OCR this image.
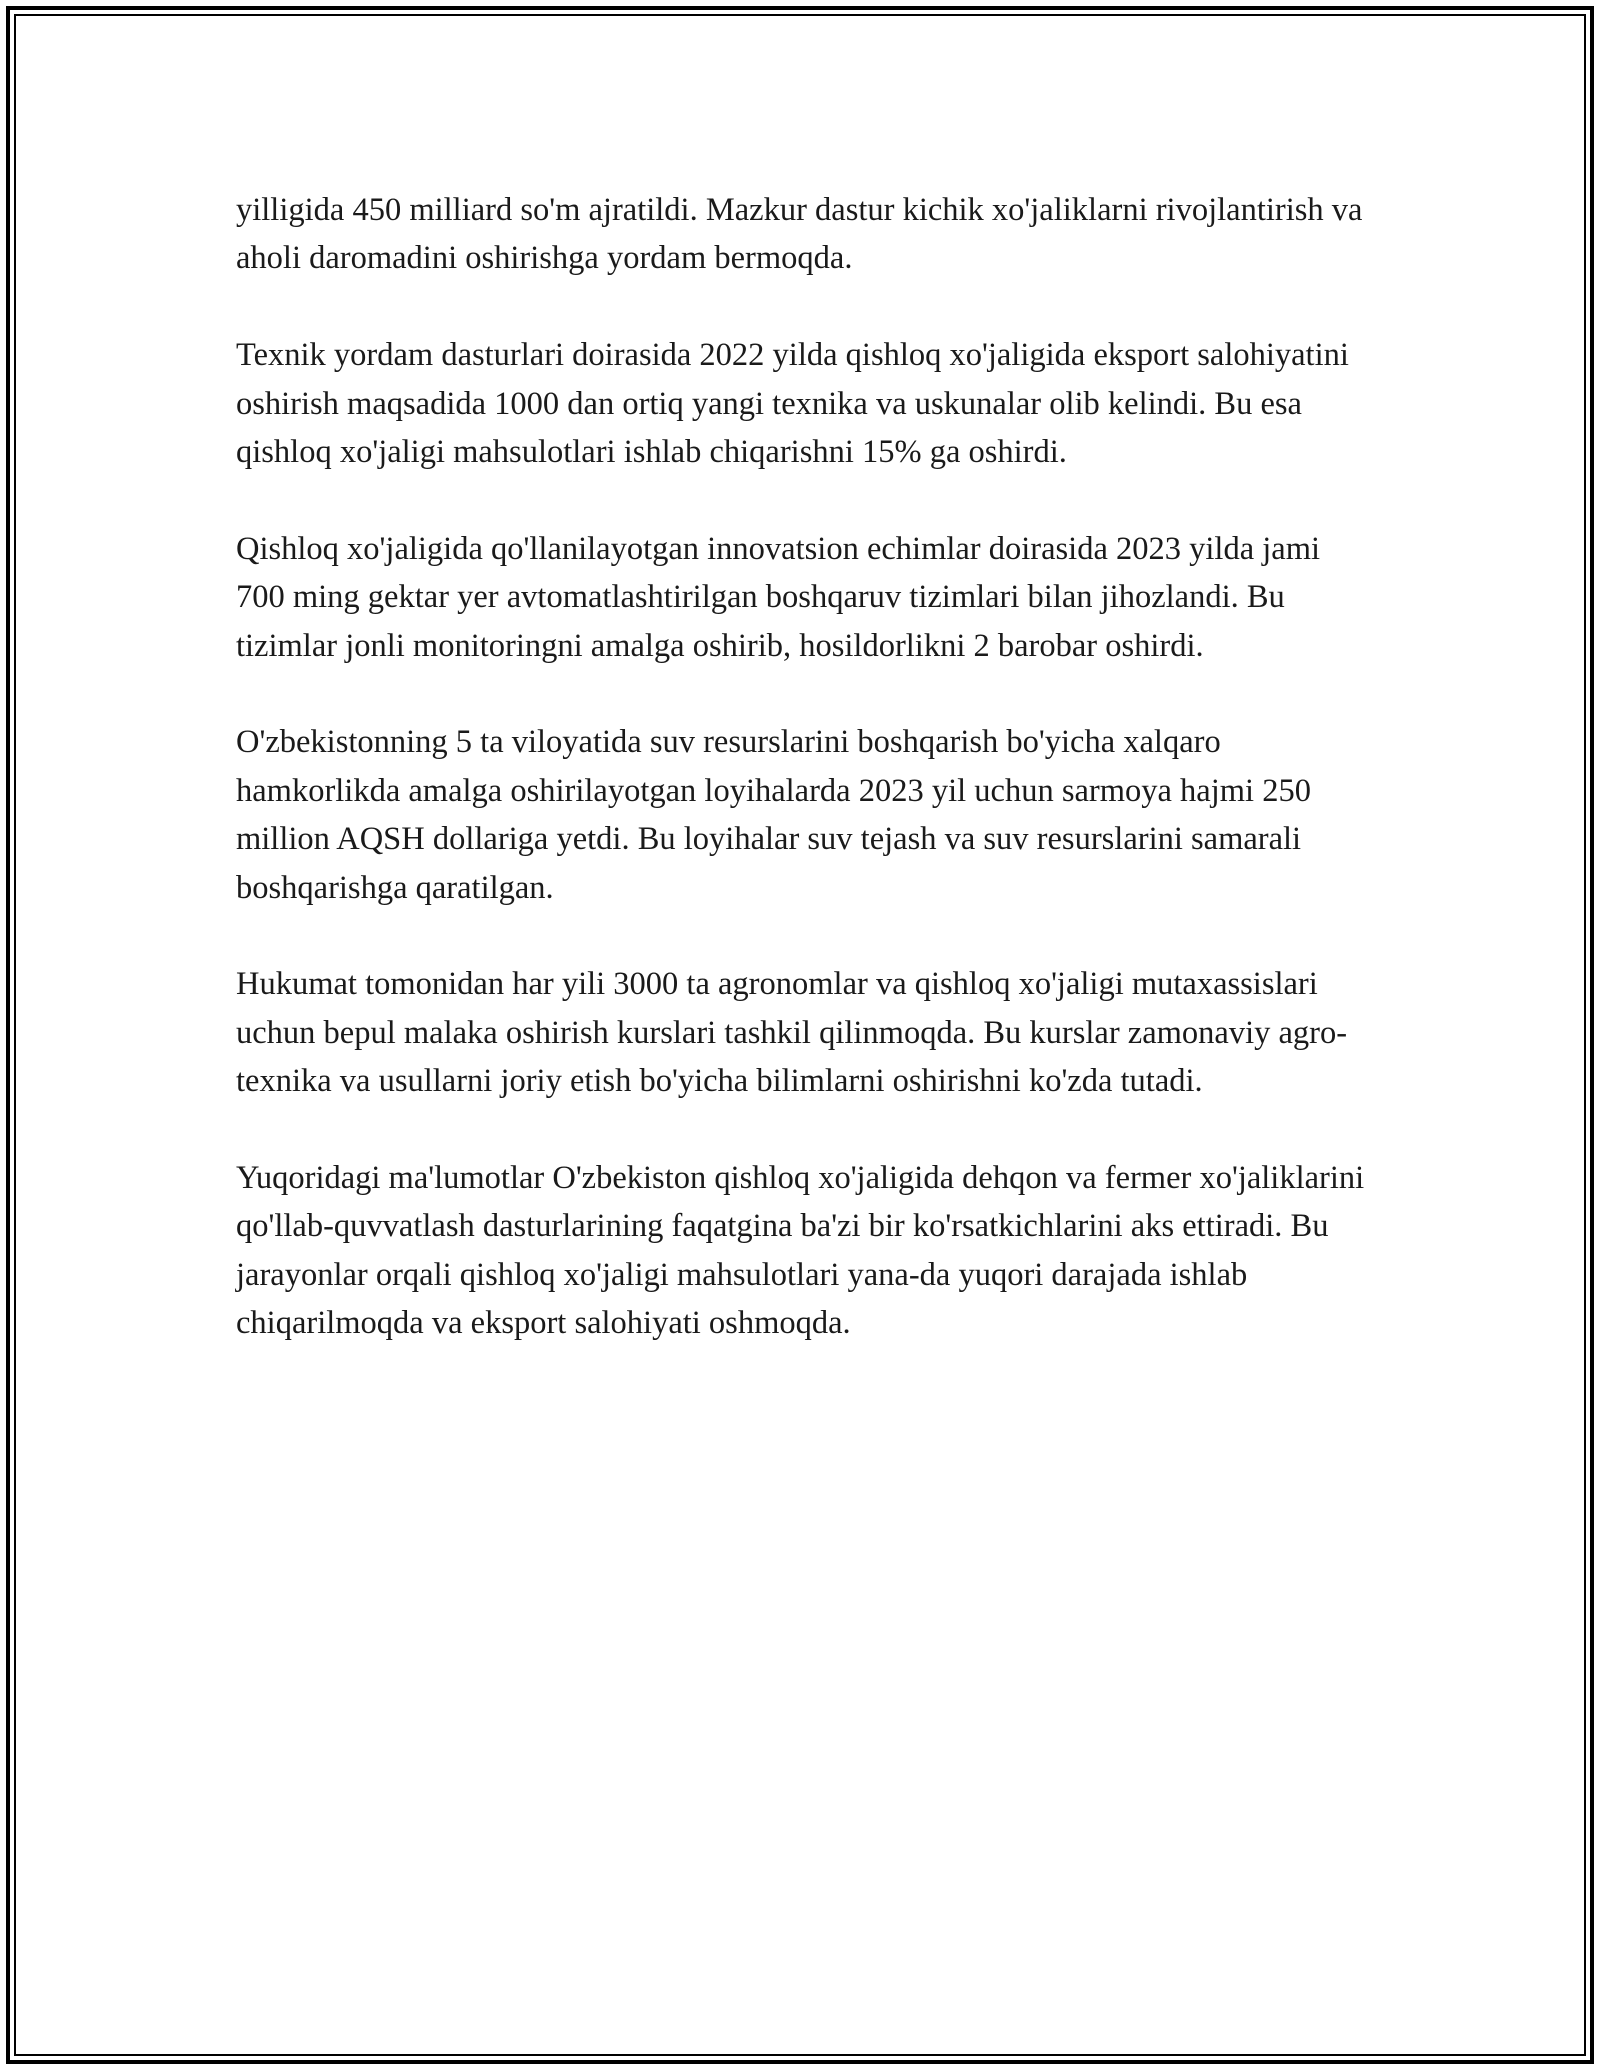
yilligida 450 milliard so'm ajratildi. Mazkur dastur kichik xo'jaliklarni rivojlantirish va aholi daromadini oshirishga yordam bermoqda.

Texnik yordam dasturlari doirasida 2022 yilda qishloq xo'jaligida eksport salohiyatini oshirish maqsadida 1000 dan ortiq yangi texnika va uskunalar olib kelindi. Bu esa qishloq xo'jaligi mahsulotlari ishlab chiqarishni 15% ga oshirdi.

Qishloq xo'jaligida qo'llanilayotgan innovatsion echimlar doirasida 2023 yilda jami 700 ming gektar yer avtomatlashtirilgan boshqaruv tizimlari bilan jihozlandi. Bu tizimlar jonli monitoringni amalga oshirib, hosildorlikni 2 barobar oshirdi.

O'zbekistonning 5 ta viloyatida suv resurslarini boshqarish bo'yicha xalqaro hamkorlikda amalga oshirilayotgan loyihalarda 2023 yil uchun sarmoya hajmi 250 million AQSH dollariga yetdi. Bu loyihalar suv tejash va suv resurslarini samarali boshqarishga qaratilgan.

Hukumat tomonidan har yili 3000 ta agronomlar va qishloq xo'jaligi mutaxassislari uchun bepul malaka oshirish kurslari tashkil qilinmoqda. Bu kurslar zamonaviy agro-texnika va usullarni joriy etish bo'yicha bilimlarni oshirishni ko'zda tutadi.

Yuqoridagi ma'lumotlar O'zbekiston qishloq xo'jaligida dehqon va fermer xo'jaliklarini qo'llab-quvvatlash dasturlarining faqatgina ba'zi bir ko'rsatkichlarini aks ettiradi. Bu jarayonlar orqali qishloq xo'jaligi mahsulotlari yana-da yuqori darajada ishlab chiqarilmoqda va eksport salohiyati oshmoqda.
